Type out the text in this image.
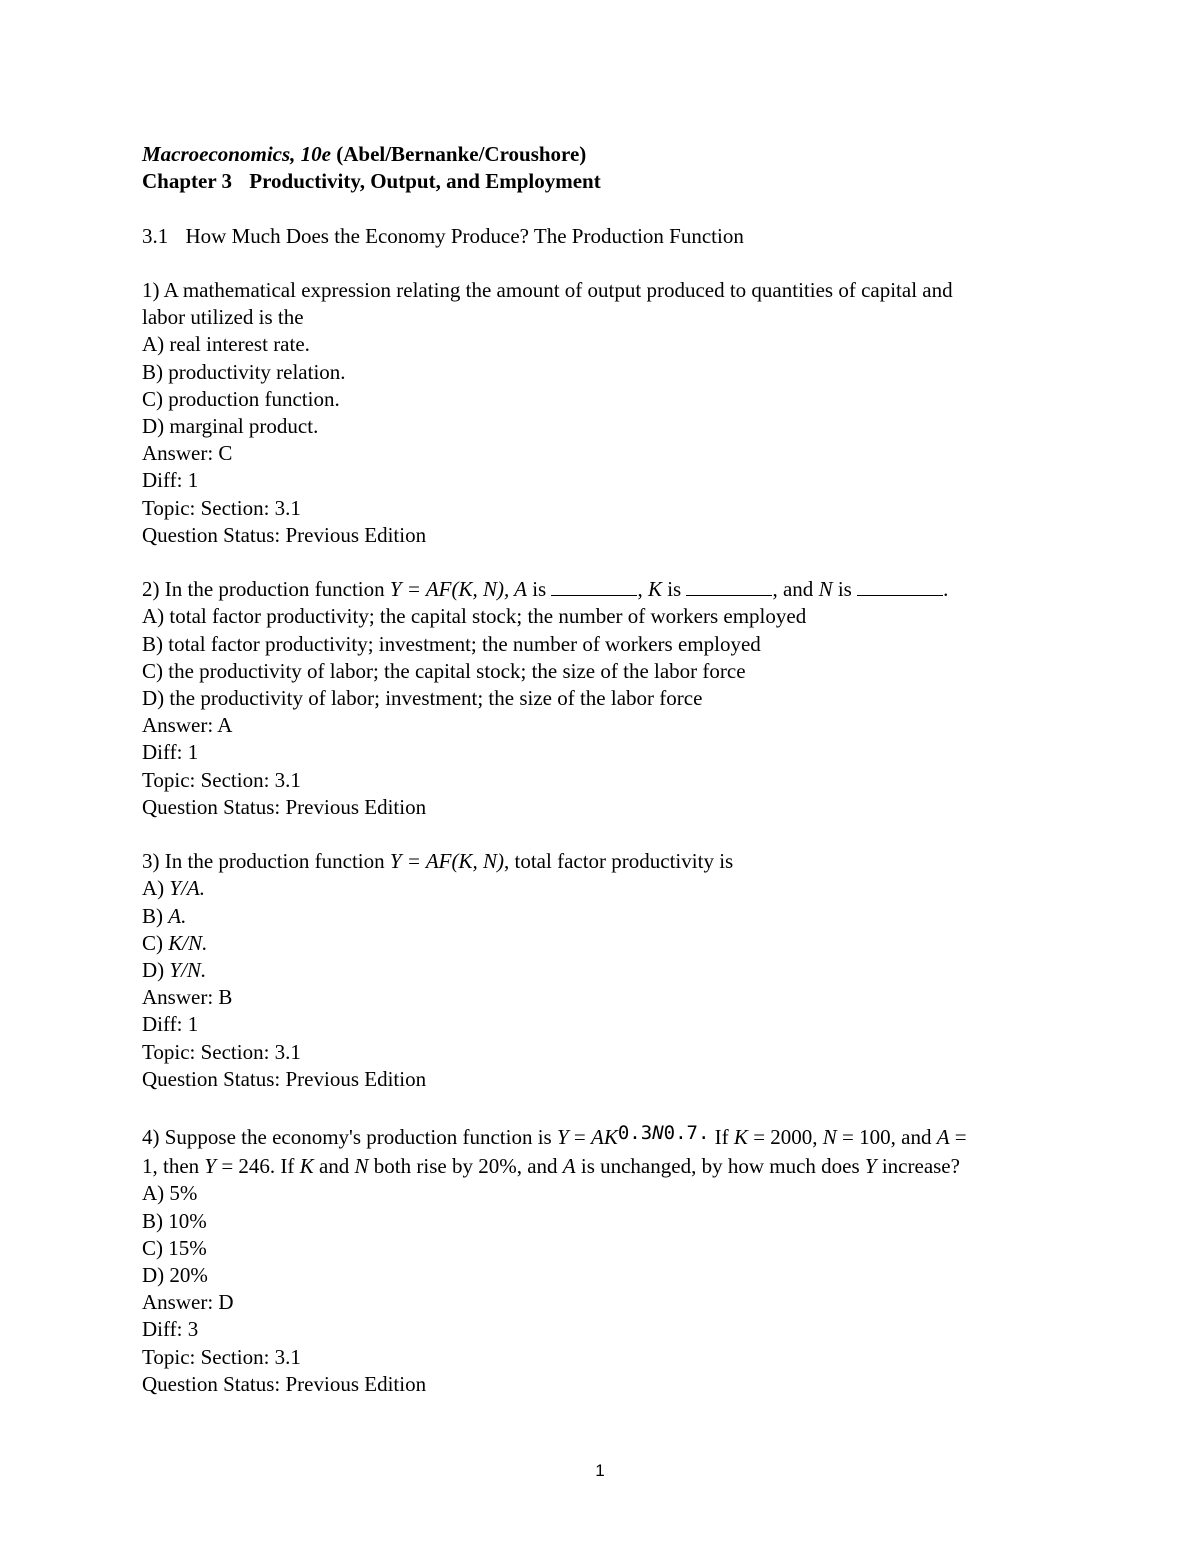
Macroeconomics, 10e (Abel/Bernanke/Croushore)
Chapter 3 Productivity, Output, and Employment
3.1 How Much Does the Economy Produce? The Production Function
1) A mathematical expression relating the amount of output produced to quantities of capital and
labor utilized is the
A) real interest rate.
B) productivity relation.
C) production function.
D) marginal product.
Answer: C
Diff: 1
Topic: Section: 3.1
Question Status: Previous Edition
2) In the production function Y = AF(K, N), A is	, K is	, and N is	.
A) total factor productivity; the capital stock; the number of workers employed
B) total factor productivity; investment; the number of workers employed
C) the productivity of labor; the capital stock; the size of the labor force
D) the productivity of labor; investment; the size of the labor force
Answer: A
Diff: 1
Topic: Section: 3.1
Question Status: Previous Edition
3) In the production function Y = AF(K, N), total factor productivity is
A) Y/A.
B) A.
C) K/N.
D) Y/N.
Answer: B
Diff: 1
Topic: Section: 3.1
Question Status: Previous Edition
4) Suppose the economy's production function is Y = AK0.3N0.7. If K = 2000, N = 100, and A =
1, then Y = 246. If K and N both rise by 20%, and A is unchanged, by how much does Y increase?
A) 5%
B) 10%
C) 15%
D) 20%
Answer: D
Diff: 3
Topic: Section: 3.1
Question Status: Previous Edition
1
